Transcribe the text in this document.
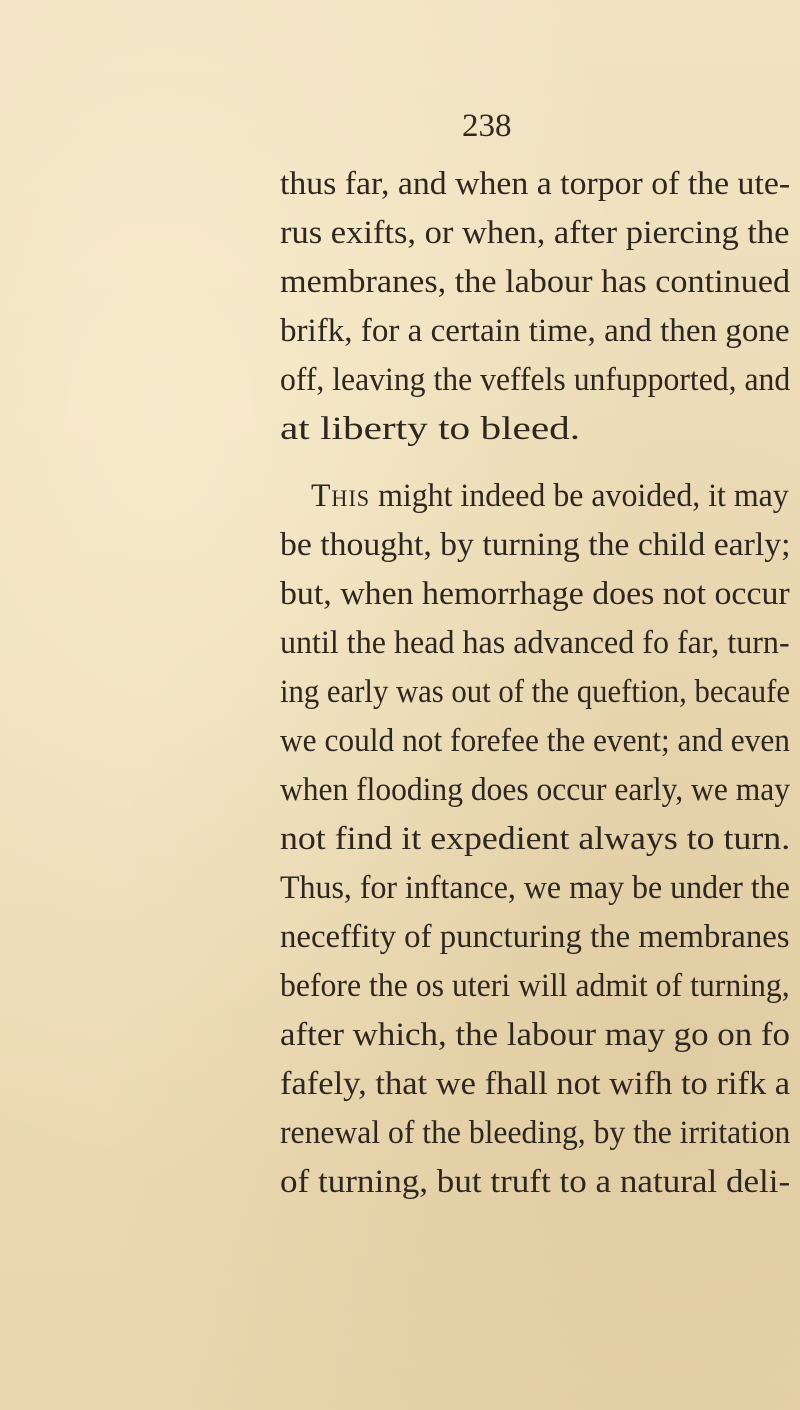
238
thus far, and when a torpor of the ute-
rus exifts, or when, after piercing the
membranes, the labour has continued
brifk, for a certain time, and then gone
off, leaving the veffels unfupported, and
at liberty to bleed.
This might indeed be avoided, it may
be thought, by turning the child early;
but, when hemorrhage does not occur
until the head has advanced fo far, turn-
ing early was out of the queftion, becaufe
we could not forefee the event; and even
when flooding does occur early, we may
not find it expedient always to turn.
Thus, for inftance, we may be under the
neceffity of puncturing the membranes
before the os uteri will admit of turning,
after which, the labour may go on fo
fafely, that we fhall not wifh to rifk a
renewal of the bleeding, by the irritation
of turning, but truft to a natural deli-
